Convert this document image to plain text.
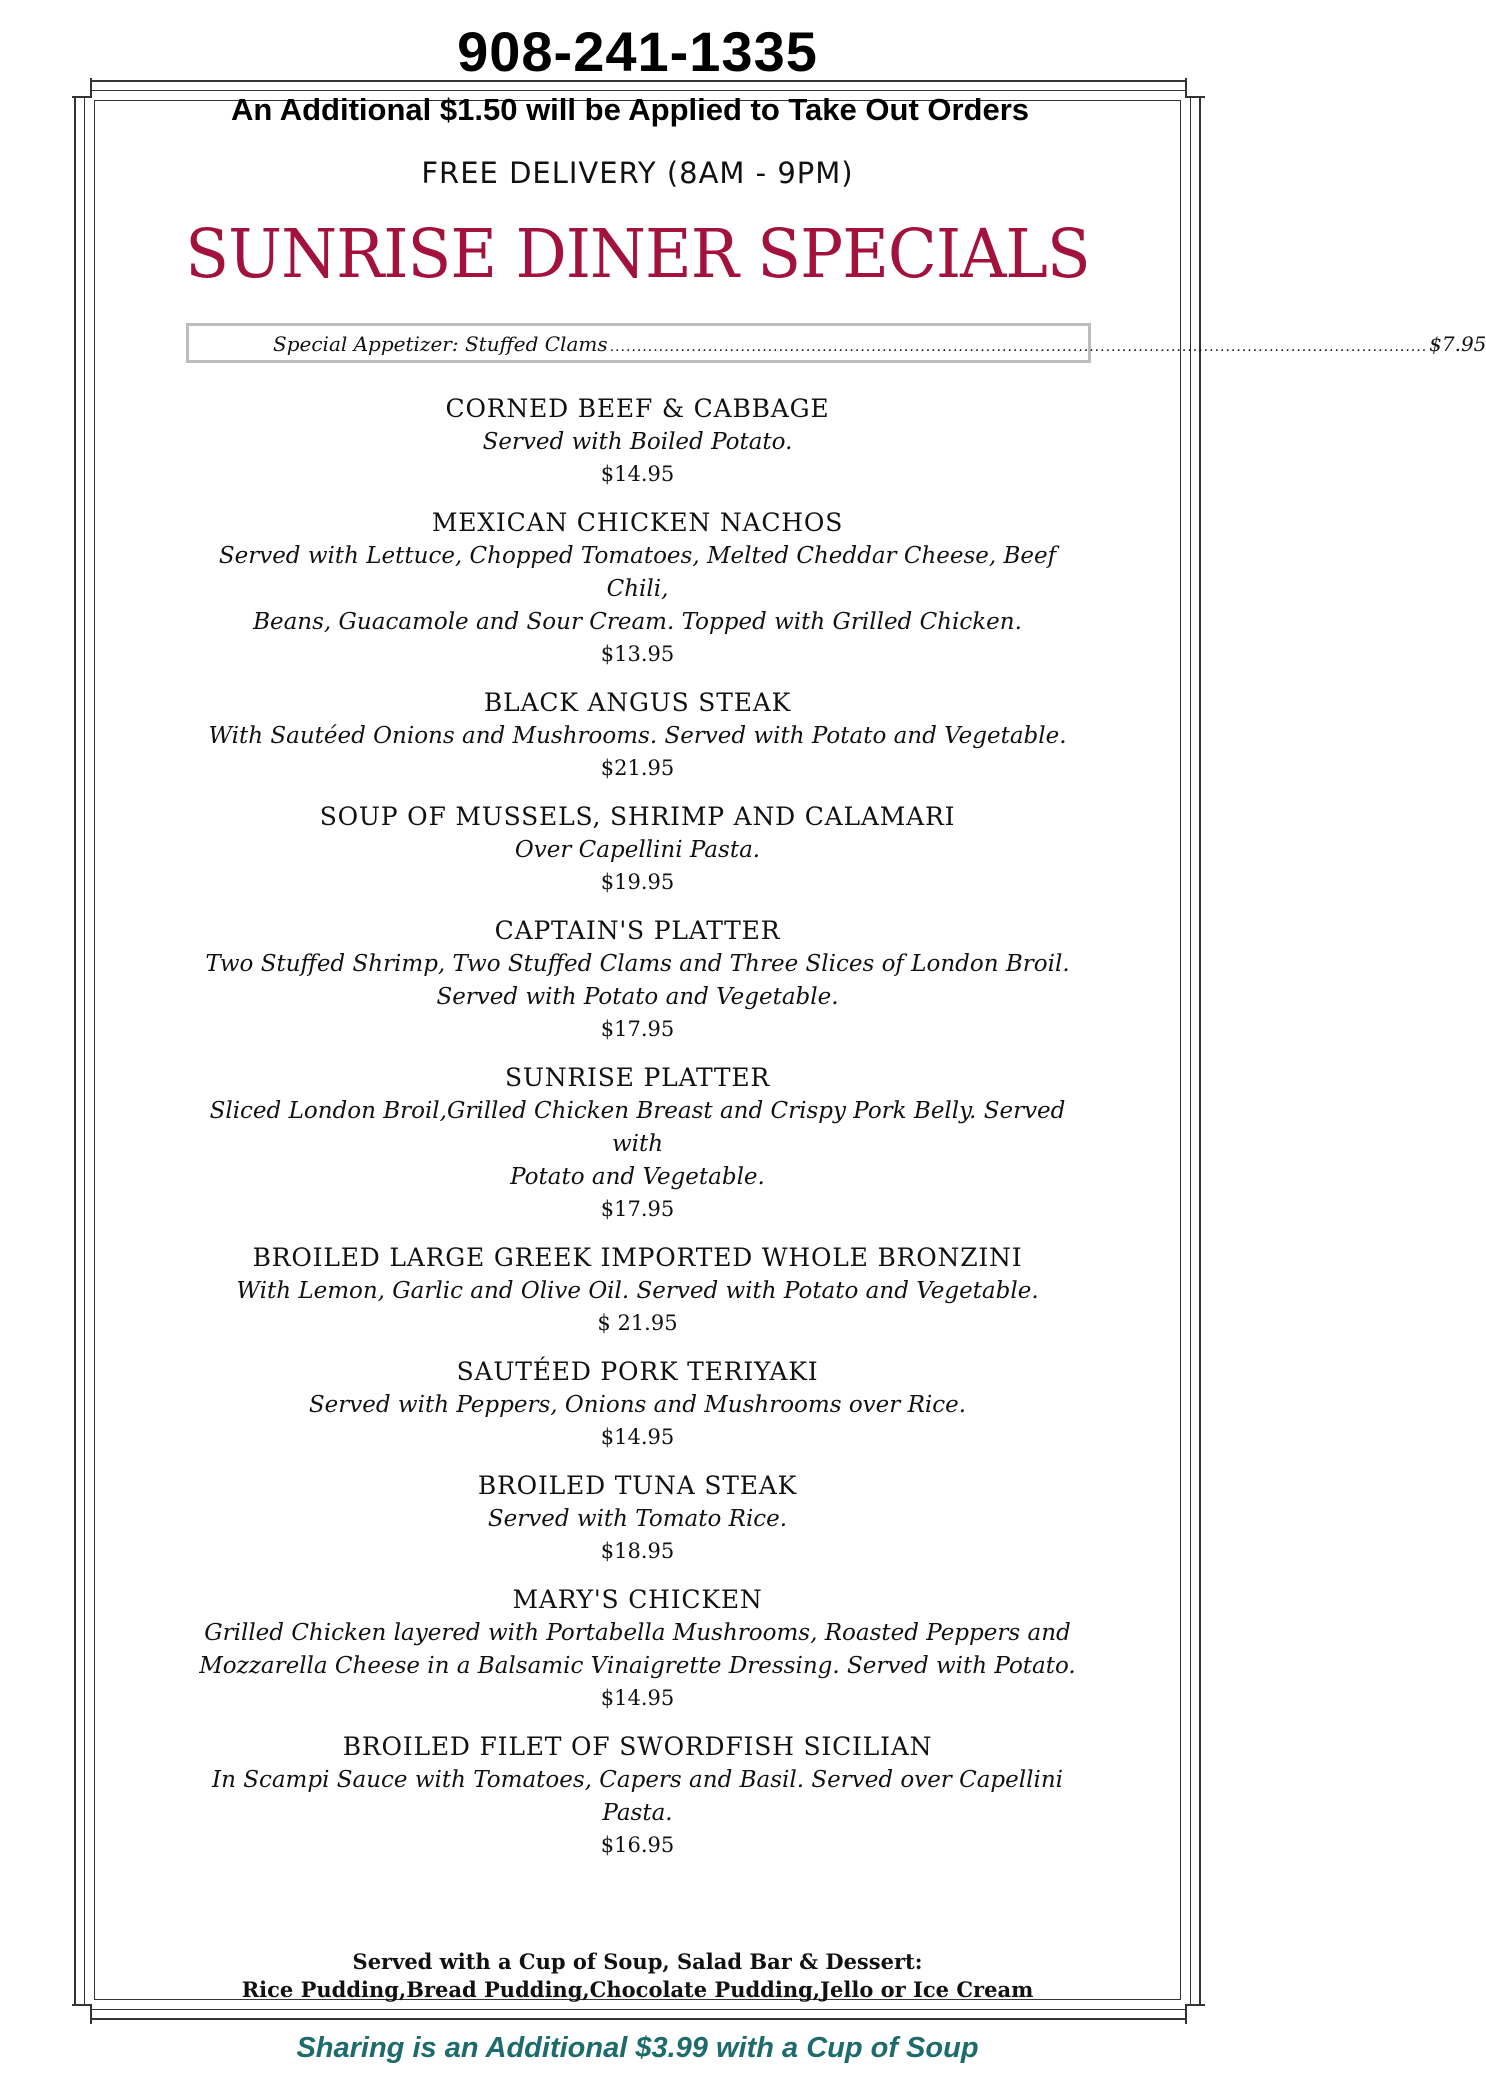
908-241-1335
An Additional $1.50 will be Applied to Take Out Orders
FREE DELIVERY (8AM - 9PM)
SUNRISE DINER SPECIALS
Special Appetizer: Stuffed Clams ...................................................................................................................................................... $7.95
CORNED BEEF & CABBAGE
Served with Boiled Potato.
$14.95
MEXICAN CHICKEN NACHOS
Served with Lettuce, Chopped Tomatoes, Melted Cheddar Cheese, Beef Chili,
Beans, Guacamole and Sour Cream. Topped with Grilled Chicken.
$13.95
BLACK ANGUS STEAK
With Sautéed Onions and Mushrooms. Served with Potato and Vegetable.
$21.95
SOUP OF MUSSELS, SHRIMP AND CALAMARI
Over Capellini Pasta.
$19.95
CAPTAIN'S PLATTER
Two Stuffed Shrimp, Two Stuffed Clams and Three Slices of London Broil.
Served with Potato and Vegetable.
$17.95
SUNRISE PLATTER
Sliced London Broil,Grilled Chicken Breast and Crispy Pork Belly. Served with
Potato and Vegetable.
$17.95
BROILED LARGE GREEK IMPORTED WHOLE BRONZINI
With Lemon, Garlic and Olive Oil. Served with Potato and Vegetable.
$ 21.95
SAUTÉED PORK TERIYAKI
Served with Peppers, Onions and Mushrooms over Rice.
$14.95
BROILED TUNA STEAK
Served with Tomato Rice.
$18.95
MARY'S CHICKEN
Grilled Chicken layered with Portabella Mushrooms, Roasted Peppers and
Mozzarella Cheese in a Balsamic Vinaigrette Dressing. Served with Potato.
$14.95
BROILED FILET OF SWORDFISH SICILIAN
In Scampi Sauce with Tomatoes, Capers and Basil. Served over Capellini
Pasta.
$16.95
Served with a Cup of Soup, Salad Bar & Dessert:
Rice Pudding,Bread Pudding,Chocolate Pudding,Jello or Ice Cream
Sharing is an Additional $3.99 with a Cup of Soup
